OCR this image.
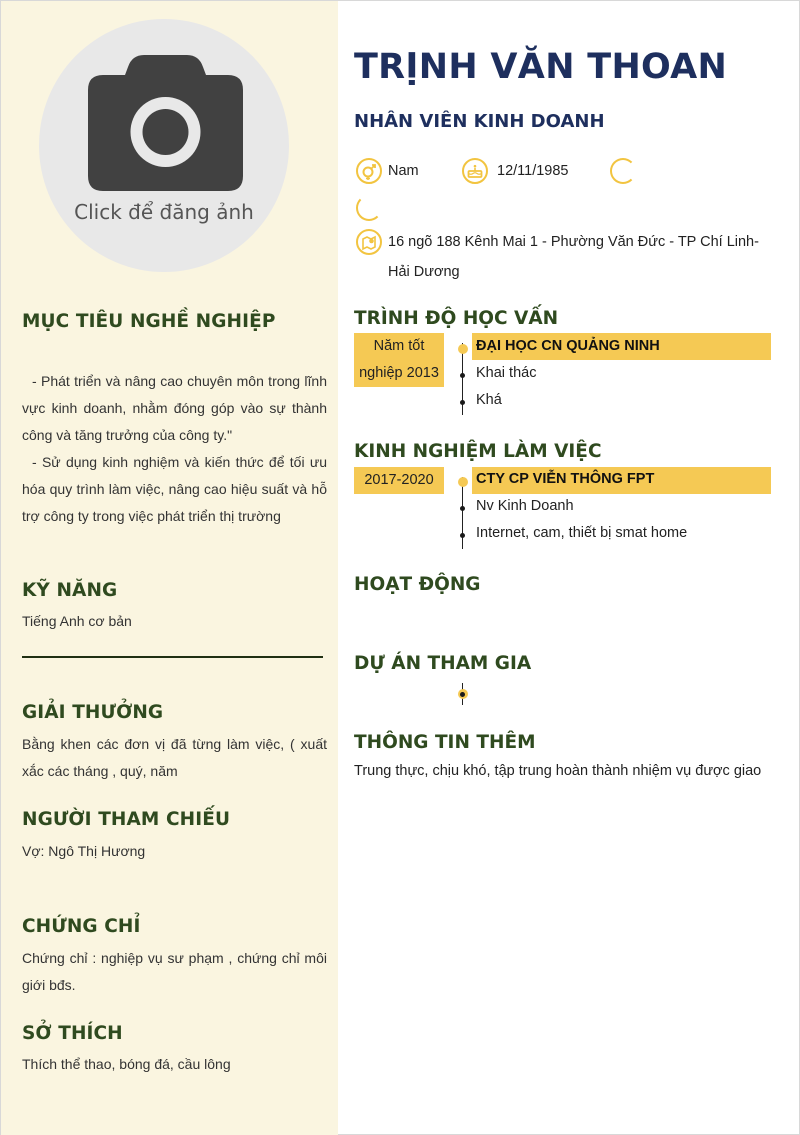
Click để đăng ảnh
MỤC TIÊU NGHỀ NGHIỆP

- Phát triển và nâng cao chuyên môn trong lĩnh vực kinh doanh, nhằm đóng góp vào sự thành công và tăng trưởng của công ty."

- Sử dụng kinh nghiệm và kiến thức để tối ưu hóa quy trình làm việc, nâng cao hiệu suất và hỗ trợ công ty trong việc phát triển thị trường

KỸ NĂNG
Tiếng Anh cơ bản
GIẢI THƯỞNG
Bằng khen các đơn vị đã từng làm việc, ( xuất xắc các tháng , quý, năm
NGƯỜI THAM CHIẾU
Vợ: Ngô Thị Hương
CHỨNG CHỈ
Chứng chỉ : nghiệp vụ sư phạm , chứng chỉ môi giới bđs.
SỞ THÍCH
Thích thể thao, bóng đá, cầu lông
TRỊNH VĂN THOAN
NHÂN VIÊN KINH DOANH
Nam	12/11/1985
16 ngõ 188 Kênh Mai 1 - Phường Văn Đức - TP Chí Linh-
Hải Dương
TRÌNH ĐỘ HỌC VẤN
Năm tốt
nghiệp 2013
ĐẠI HỌC CN QUẢNG NINH
Khai thác
Khá
KINH NGHIỆM LÀM VIỆC
2017-2020	CTY CP VIỄN THÔNG FPT
Nv Kinh Doanh
Internet, cam, thiết bị smat home
HOẠT ĐỘNG
DỰ ÁN THAM GIA
THÔNG TIN THÊM
Trung thực, chịu khó, tập trung hoàn thành nhiệm vụ được giao
